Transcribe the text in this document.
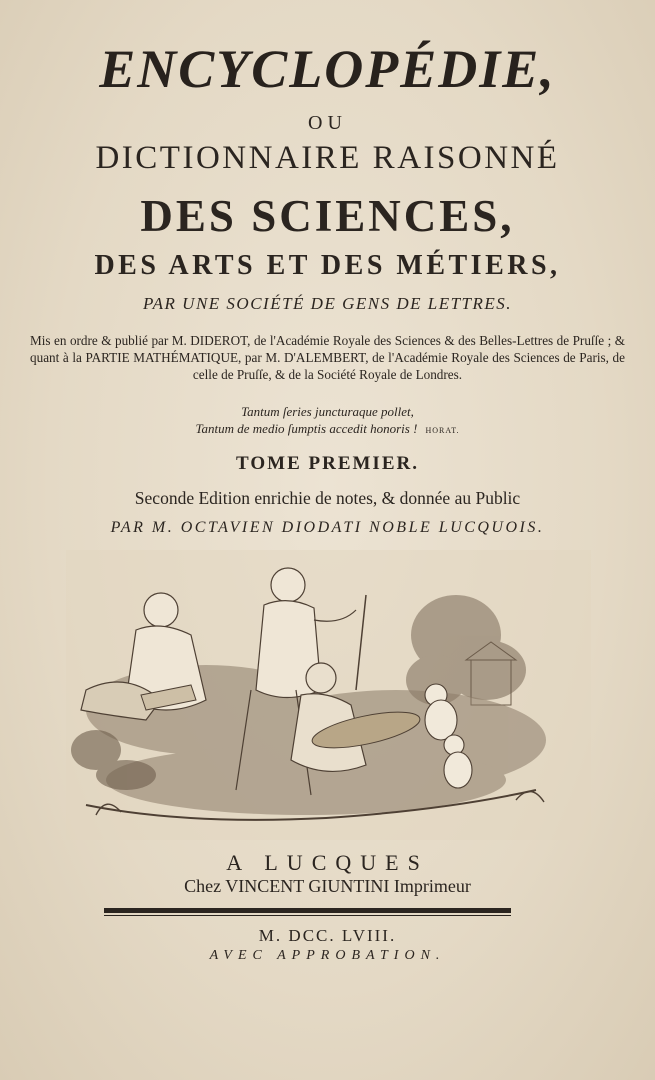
ENCYCLOPÉDIE,
OU
DICTIONNAIRE RAISONNÉ
DES SCIENCES,
DES ARTS ET DES MÉTIERS,
PAR UNE SOCIÉTÉ DE GENS DE LETTRES.
Mis en ordre & publié par M. DIDEROT, de l'Académie Royale des Sciences & des Belles-Lettres de Pruſſe ; & quant à la PARTIE MATHÉMATIQUE, par M. D'ALEMBERT, de l'Académie Royale des Sciences de Paris, de celle de Pruſſe, & de la Société Royale de Londres.
Tantum ſeries juncturaque pollet,
Tantum de medio ſumptis accedit honoris ! HORAT.
TOME PREMIER.
Seconde Edition enrichie de notes, & donnée au Public
PAR M. OCTAVIEN DIODATI NOBLE LUCQUOIS.
A LUCQUES
Chez VINCENT GIUNTINI Imprimeur
M. DCC. LVIII.
AVEC APPROBATION.
